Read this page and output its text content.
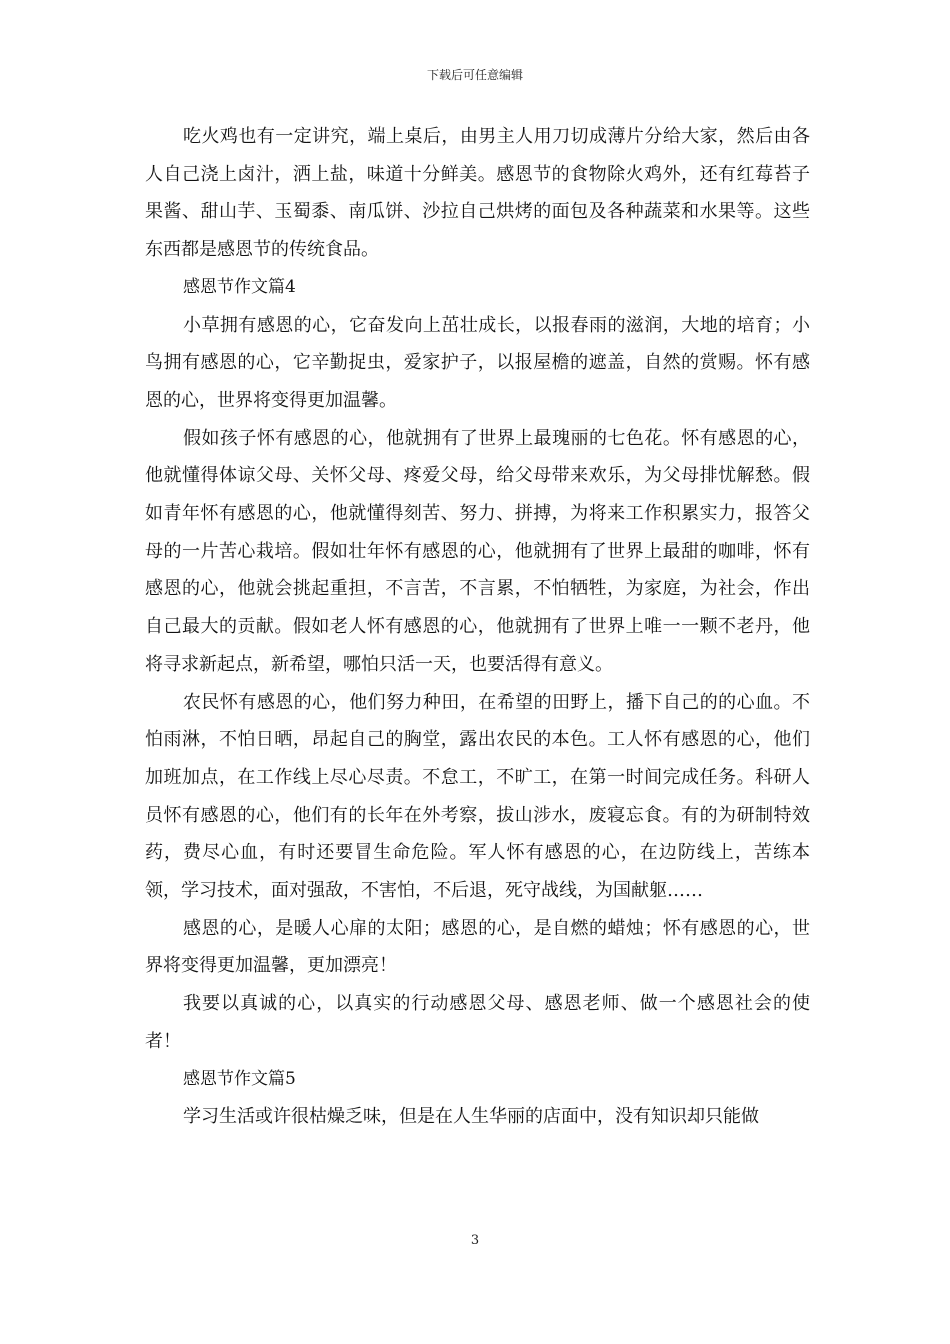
下载后可任意编辑

吃火鸡也有一定讲究，端上桌后，由男主人用刀切成薄片分给大家，然后由各人自己浇上卤汁，洒上盐，味道十分鲜美。感恩节的食物除火鸡外，还有红莓苔子果酱、甜山芋、玉蜀黍、南瓜饼、沙拉自己烘烤的面包及各种蔬菜和水果等。这些东西都是感恩节的传统食品。

感恩节作文篇4

小草拥有感恩的心，它奋发向上茁壮成长，以报春雨的滋润，大地的培育；小鸟拥有感恩的心，它辛勤捉虫，爱家护子，以报屋檐的遮盖，自然的赏赐。怀有感恩的心，世界将变得更加温馨。

假如孩子怀有感恩的心，他就拥有了世界上最瑰丽的七色花。怀有感恩的心，他就懂得体谅父母、关怀父母、疼爱父母，给父母带来欢乐，为父母排忧解愁。假如青年怀有感恩的心，他就懂得刻苦、努力、拼搏，为将来工作积累实力，报答父母的一片苦心栽培。假如壮年怀有感恩的心，他就拥有了世界上最甜的咖啡，怀有感恩的心，他就会挑起重担，不言苦，不言累，不怕牺牲，为家庭，为社会，作出自己最大的贡献。假如老人怀有感恩的心，他就拥有了世界上唯一一颗不老丹，他将寻求新起点，新希望，哪怕只活一天，也要活得有意义。

农民怀有感恩的心，他们努力种田，在希望的田野上，播下自己的的心血。不怕雨淋，不怕日晒，昂起自己的胸堂，露出农民的本色。工人怀有感恩的心，他们加班加点，在工作线上尽心尽责。不怠工，不旷工，在第一时间完成任务。科研人员怀有感恩的心，他们有的长年在外考察，拔山涉水，废寝忘食。有的为研制特效药，费尽心血，有时还要冒生命危险。军人怀有感恩的心，在边防线上，苦练本领，学习技术，面对强敌，不害怕，不后退，死守战线，为国献躯……

感恩的心，是暖人心扉的太阳；感恩的心，是自燃的蜡烛；怀有感恩的心，世界将变得更加温馨，更加漂亮！

我要以真诚的心，以真实的行动感恩父母、感恩老师、做一个感恩社会的使者！

感恩节作文篇5

学习生活或许很枯燥乏味，但是在人生华丽的店面中，没有知识却只能做

3
